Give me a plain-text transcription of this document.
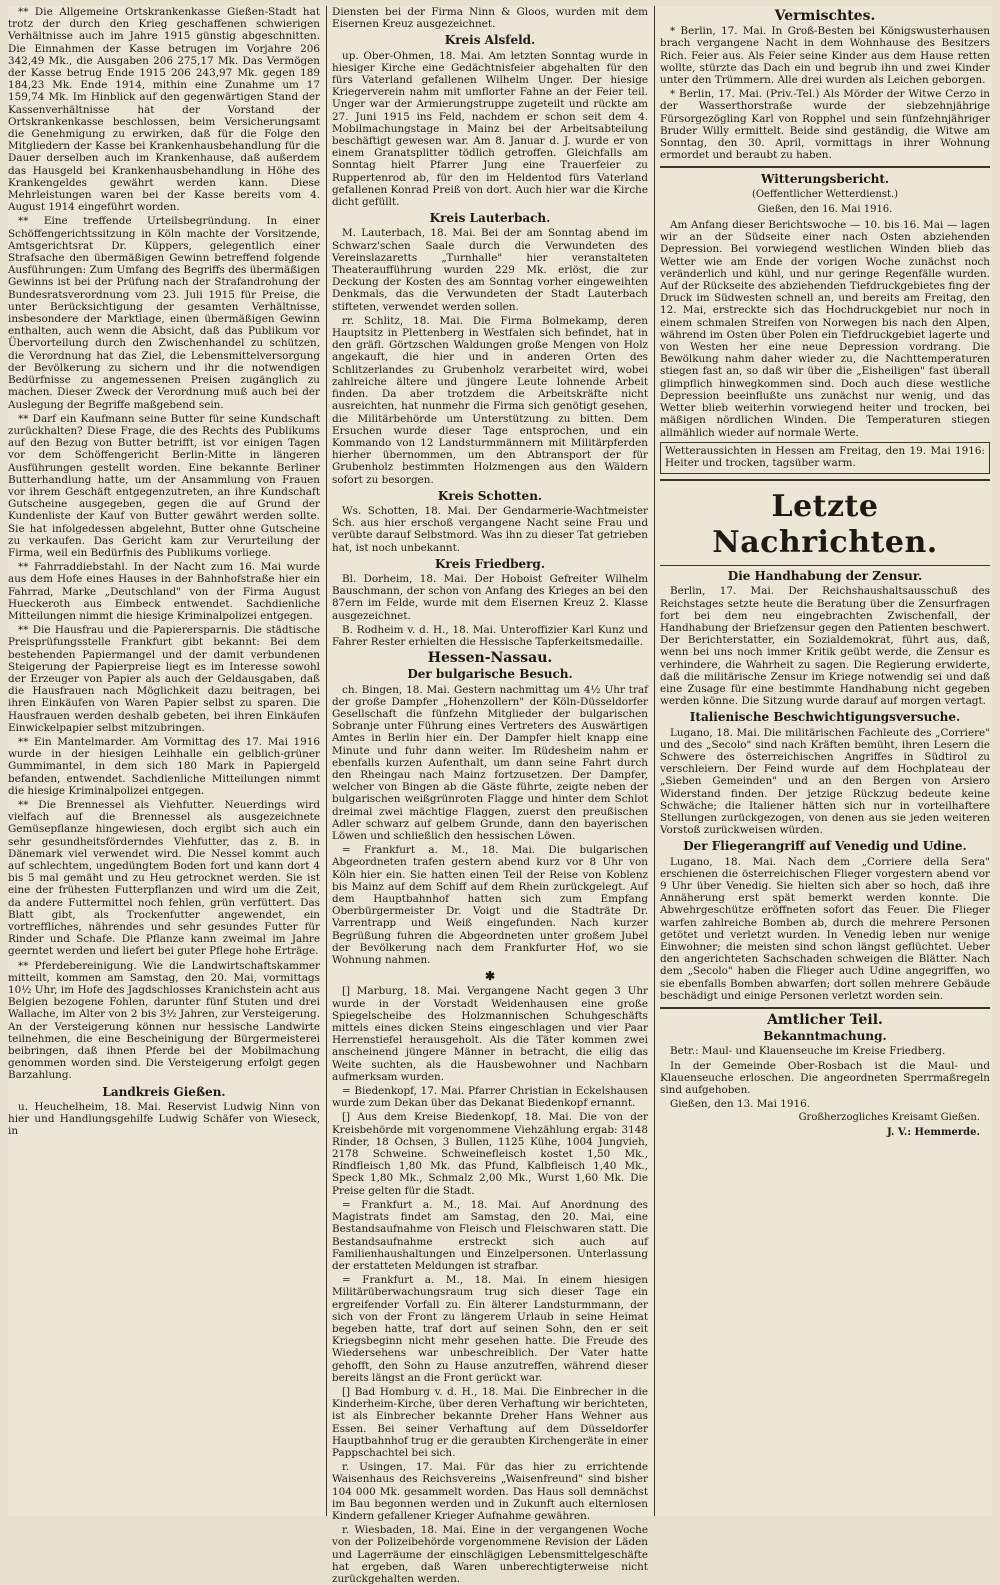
** Die Allgemeine Ortskrankenkasse Gießen-Stadt hat trotz der durch den Krieg geschaffenen schwierigen Verhältnisse auch im Jahre 1915 günstig abgeschnitten. Die Einnahmen der Kasse betrugen im Vorjahre 206 342,49 Mk., die Ausgaben 206 275,17 Mk. Das Vermögen der Kasse betrug Ende 1915 206 243,97 Mk. gegen 189 184,23 Mk. Ende 1914, mithin eine Zunahme um 17 159,74 Mk. Im Hinblick auf den gegenwärtigen Stand der Kassenverhältnisse hat der Vorstand der Ortskrankenkasse beschlossen, beim Versicherungsamt die Genehmigung zu erwirken, daß für die Folge den Mitgliedern der Kasse bei Krankenhausbehandlung für die Dauer derselben auch im Krankenhause, daß außerdem das Hausgeld bei Krankenhausbehandlung in Höhe des Krankengeldes gewährt werden kann. Diese Mehrleistungen waren bei der Kasse bereits vom 4. August 1914 eingeführt worden.

** Eine treffende Urteilsbegründung. In einer Schöffengerichtssitzung in Köln machte der Vorsitzende, Amtsgerichtsrat Dr. Küppers, gelegentlich einer Strafsache den übermäßigen Gewinn betreffend folgende Ausführungen: Zum Umfang des Begriffs des übermäßigen Gewinns ist bei der Prüfung nach der Strafandrohung der Bundesratsverordnung vom 23. Juli 1915 für Preise, die unter Berücksichtigung der gesamten Verhältnisse, insbesondere der Marktlage, einen übermäßigen Gewinn enthalten, auch wenn die Absicht, daß das Publikum vor Übervorteilung durch den Zwischenhandel zu schützen, die Verordnung hat das Ziel, die Lebensmittelversorgung der Bevölkerung zu sichern und ihr die notwendigen Bedürfnisse zu angemessenen Preisen zugänglich zu machen. Dieser Zweck der Verordnung muß auch bei der Auslegung der Begriffe maßgebend sein.

** Darf ein Kaufmann seine Butter für seine Kundschaft zurückhalten? Diese Frage, die des Rechts des Publikums auf den Bezug von Butter betrifft, ist vor einigen Tagen vor dem Schöffengericht Berlin-Mitte in längeren Ausführungen gestellt worden. Eine bekannte Berliner Butterhandlung hatte, um der Ansammlung von Frauen vor ihrem Geschäft entgegenzutreten, an ihre Kundschaft Gutscheine ausgegeben, gegen die auf Grund der Kundenliste der Kauf von Butter gewährt werden sollte. Sie hat infolgedessen abgelehnt, Butter ohne Gutscheine zu verkaufen. Das Gericht kam zur Verurteilung der Firma, weil ein Bedürfnis des Publikums vorliege.

** Fahrraddiebstahl. In der Nacht zum 16. Mai wurde aus dem Hofe eines Hauses in der Bahnhofstraße hier ein Fahrrad, Marke „Deutschland" von der Firma August Hueckeroth aus Eimbeck entwendet. Sachdienliche Mitteilungen nimmt die hiesige Kriminalpolizei entgegen.

** Die Hausfrau und die Papierersparnis. Die städtische Preisprüfungsstelle Frankfurt gibt bekannt: Bei dem bestehenden Papiermangel und der damit verbundenen Steigerung der Papierpreise liegt es im Interesse sowohl der Erzeuger von Papier als auch der Geldausgaben, daß die Hausfrauen nach Möglichkeit dazu beitragen, bei ihren Einkäufen von Waren Papier selbst zu sparen. Die Hausfrauen werden deshalb gebeten, bei ihren Einkäufen Einwickelpapier selbst mitzubringen.

** Ein Mantelmarder. Am Vormittag des 17. Mai 1916 wurde in der hiesigen Leihhalle ein gelblich-grüner Gummimantel, in dem sich 180 Mark in Papiergeld befanden, entwendet. Sachdienliche Mitteilungen nimmt die hiesige Kriminalpolizei entgegen.

** Die Brennessel als Viehfutter. Neuerdings wird vielfach auf die Brennessel als ausgezeichnete Gemüsepflanze hingewiesen, doch ergibt sich auch ein sehr gesundheitsförderndes Viehfutter, das z. B. in Dänemark viel verwendet wird. Die Nessel kommt auch auf schlechtem, ungedüngtem Boden fort und kann dort 4 bis 5 mal gemäht und zu Heu getrocknet werden. Sie ist eine der frühesten Futterpflanzen und wird um die Zeit, da andere Futtermittel noch fehlen, grün verfüttert. Das Blatt gibt, als Trockenfutter angewendet, ein vortreffliches, nährendes und sehr gesundes Futter für Rinder und Schafe. Die Pflanze kann zweimal im Jahre geerntet werden und liefert bei guter Pflege hohe Erträge.

** Pferdebereinigung. Wie die Landwirtschaftskammer mitteilt, kommen am Samstag, den 20. Mai, vormittags 10½ Uhr, im Hofe des Jagdschlosses Kranichstein acht aus Belgien bezogene Fohlen, darunter fünf Stuten und drei Wallache, im Alter von 2 bis 3½ Jahren, zur Versteigerung. An der Versteigerung können nur hessische Landwirte teilnehmen, die eine Bescheinigung der Bürgermeisterei beibringen, daß ihnen Pferde bei der Mobilmachung genommen worden sind. Die Versteigerung erfolgt gegen Barzahlung.

Landkreis Gießen.

u. Heuchelheim, 18. Mai. Reservist Ludwig Ninn von hier und Handlungsgehilfe Ludwig Schäfer von Wieseck, in

Diensten bei der Firma Ninn & Gloos, wurden mit dem Eisernen Kreuz ausgezeichnet.

Kreis Alsfeld.

up. Ober-Ohmen, 18. Mai. Am letzten Sonntag wurde in hiesiger Kirche eine Gedächtnisfeier abgehalten für den fürs Vaterland gefallenen Wilhelm Unger. Der hiesige Kriegerverein nahm mit umflorter Fahne an der Feier teil. Unger war der Armierungstruppe zugeteilt und rückte am 27. Juni 1915 ins Feld, nachdem er schon seit dem 4. Mobilmachungstage in Mainz bei der Arbeitsabteilung beschäftigt gewesen war. Am 8. Januar d. J. wurde er von einem Granatsplitter tödlich getroffen. Gleichfalls am Sonntag hielt Pfarrer Jung eine Trauerfeier zu Ruppertenrod ab, für den im Heldentod fürs Vaterland gefallenen Konrad Preiß von dort. Auch hier war die Kirche dicht gefüllt.

Kreis Lauterbach.

M. Lauterbach, 18. Mai. Bei der am Sonntag abend im Schwarz'schen Saale durch die Verwundeten des Vereinslazaretts „Turnhalle" hier veranstalteten Theateraufführung wurden 229 Mk. erlöst, die zur Deckung der Kosten des am Sonntag vorher eingeweihten Denkmals, das die Verwundeten der Stadt Lauterbach stifteten, verwendet werden sollen.

rr. Schlitz, 18. Mai. Die Firma Bolmekamp, deren Hauptsitz in Plettenberg in Westfalen sich befindet, hat in den gräfl. Görtzschen Waldungen große Mengen von Holz angekauft, die hier und in anderen Orten des Schlitzerlandes zu Grubenholz verarbeitet wird, wobei zahlreiche ältere und jüngere Leute lohnende Arbeit finden. Da aber trotzdem die Arbeitskräfte nicht ausreichten, hat nunmehr die Firma sich genötigt gesehen, die Militärbehörde um Unterstützung zu bitten. Dem Ersuchen wurde dieser Tage entsprochen, und ein Kommando von 12 Landsturmmännern mit Militärpferden hierher übernommen, um den Abtransport der für Grubenholz bestimmten Holzmengen aus den Wäldern sofort zu besorgen.

Kreis Schotten.

Ws. Schotten, 18. Mai. Der Gendarmerie-Wachtmeister Sch. aus hier erschoß vergangene Nacht seine Frau und verübte darauf Selbstmord. Was ihn zu dieser Tat getrieben hat, ist noch unbekannt.

Kreis Friedberg.

Bl. Dorheim, 18. Mai. Der Hoboist Gefreiter Wilhelm Bauschmann, der schon von Anfang des Krieges an bei den 87ern im Felde, wurde mit dem Eisernen Kreuz 2. Klasse ausgezeichnet.

B. Rodheim v. d. H., 18. Mai. Unteroffizier Karl Kunz und Fahrer Rester erhielten die Hessische Tapferkeitsmedaille.

Hessen-Nassau.
Der bulgarische Besuch.

ch. Bingen, 18. Mai. Gestern nachmittag um 4½ Uhr traf der große Dampfer „Hohenzollern" der Köln-Düsseldorfer Gesellschaft die fünfzehn Mitglieder der bulgarischen Sobranje unter Führung eines Vertreters des Auswärtigen Amtes in Berlin hier ein. Der Dampfer hielt knapp eine Minute und fuhr dann weiter. Im Rüdesheim nahm er ebenfalls kurzen Aufenthalt, um dann seine Fahrt durch den Rheingau nach Mainz fortzusetzen. Der Dampfer, welcher von Bingen ab die Gäste führte, zeigte neben der bulgarischen weißgrünroten Flagge und hinter dem Schlot dreimal zwei mächtige Flaggen, zuerst den preußischen Adler schwarz auf gelbem Grunde, dann den bayerischen Löwen und schließlich den hessischen Löwen.

= Frankfurt a. M., 18. Mai. Die bulgarischen Abgeordneten trafen gestern abend kurz vor 8 Uhr von Köln hier ein. Sie hatten einen Teil der Reise von Koblenz bis Mainz auf dem Schiff auf dem Rhein zurückgelegt. Auf dem Hauptbahnhof hatten sich zum Empfang Oberbürgermeister Dr. Voigt und die Stadträte Dr. Varrentrapp und Weiß eingefunden. Nach kurzer Begrüßung fuhren die Abgeordneten unter großem Jubel der Bevölkerung nach dem Frankfurter Hof, wo sie Wohnung nahmen.

✱

[] Marburg, 18. Mai. Vergangene Nacht gegen 3 Uhr wurde in der Vorstadt Weidenhausen eine große Spiegelscheibe des Holzmannischen Schuhgeschäfts mittels eines dicken Steins eingeschlagen und vier Paar Herrenstiefel herausgeholt. Als die Täter kommen zwei anscheinend jüngere Männer in betracht, die eilig das Weite suchten, als die Hausbewohner und Nachbarn aufmerksam wurden.

= Biedenkopf, 17. Mai. Pfarrer Christian in Eckelshausen wurde zum Dekan über das Dekanat Biedenkopf ernannt.

[] Aus dem Kreise Biedenkopf, 18. Mai. Die von der Kreisbehörde mit vorgenommene Viehzählung ergab: 3148 Rinder, 18 Ochsen, 3 Bullen, 1125 Kühe, 1004 Jungvieh, 2178 Schweine. Schweinefleisch kostet 1,50 Mk., Rindfleisch 1,80 Mk. das Pfund, Kalbfleisch 1,40 Mk., Speck 1,80 Mk., Schmalz 2,00 Mk., Wurst 1,60 Mk. Die Preise gelten für die Stadt.

= Frankfurt a. M., 18. Mai. Auf Anordnung des Magistrats findet am Samstag, den 20. Mai, eine Bestandsaufnahme von Fleisch und Fleischwaren statt. Die Bestandsaufnahme erstreckt sich auch auf Familienhaushaltungen und Einzelpersonen. Unterlassung der erstatteten Meldungen ist strafbar.

= Frankfurt a. M., 18. Mai. In einem hiesigen Militärüberwachungsraum trug sich dieser Tage ein ergreifender Vorfall zu. Ein älterer Landsturmmann, der sich von der Front zu längerem Urlaub in seine Heimat begeben hatte, traf dort auf seinen Sohn, den er seit Kriegsbeginn nicht mehr gesehen hatte. Die Freude des Wiedersehens war unbeschreiblich. Der Vater hatte gehofft, den Sohn zu Hause anzutreffen, während dieser bereits längst an die Front gerückt war.

[] Bad Homburg v. d. H., 18. Mai. Die Einbrecher in die Kinderheim-Kirche, über deren Verhaftung wir berichteten, ist als Einbrecher bekannte Dreher Hans Wehner aus Essen. Bei seiner Verhaftung auf dem Düsseldorfer Hauptbahnhof trug er die geraubten Kirchengeräte in einer Pappschachtel bei sich.

r. Usingen, 17. Mai. Für das hier zu errichtende Waisenhaus des Reichsvereins „Waisenfreund" sind bisher 104 000 Mk. gesammelt worden. Das Haus soll demnächst im Bau begonnen werden und in Zukunft auch elternlosen Kindern gefallener Krieger Aufnahme gewähren.

r. Wiesbaden, 18. Mai. Eine in der vergangenen Woche von der Polizeibehörde vorgenommene Revision der Läden und Lagerräume der einschlägigen Lebensmittelgeschäfte hat ergeben, daß Waren unberechtigterweise nicht zurückgehalten werden.

Vermischtes.

* Berlin, 17. Mai. In Groß-Besten bei Königswusterhausen brach vergangene Nacht in dem Wohnhause des Besitzers Rich. Feier aus. Als Feier seine Kinder aus dem Hause retten wollte, stürzte das Dach ein und begrub ihn und zwei Kinder unter den Trümmern. Alle drei wurden als Leichen geborgen.

* Berlin, 17. Mai. (Priv.-Tel.) Als Mörder der Witwe Cerzo in der Wasserthorstraße wurde der siebzehnjährige Fürsorgezögling Karl von Ropphel und sein fünfzehnjähriger Bruder Willy ermittelt. Beide sind geständig, die Witwe am Sonntag, den 30. April, vormittags in ihrer Wohnung ermordet und beraubt zu haben.

Witterungsbericht.
(Oeffentlicher Wetterdienst.)
Gießen, den 16. Mai 1916.

Am Anfang dieser Berichtswoche — 10. bis 16. Mai — lagen wir an der Südseite einer nach Osten abziehenden Depression. Bei vorwiegend westlichen Winden blieb das Wetter wie am Ende der vorigen Woche zunächst noch veränderlich und kühl, und nur geringe Regenfälle wurden. Auf der Rückseite des abziehenden Tiefdruckgebietes fing der Druck im Südwesten schnell an, und bereits am Freitag, den 12. Mai, erstreckte sich das Hochdruckgebiet nur noch in einem schmalen Streifen von Norwegen bis nach den Alpen, während im Osten über Polen ein Tiefdruckgebiet lagerte und von Westen her eine neue Depression vordrang. Die Bewölkung nahm daher wieder zu, die Nachttemperaturen stiegen fast an, so daß wir über die „Eisheiligen" fast überall glimpflich hinwegkommen sind. Doch auch diese westliche Depression beeinflußte uns zunächst nur wenig, und das Wetter blieb weiterhin vorwiegend heiter und trocken, bei mäßigen nördlichen Winden. Die Temperaturen stiegen allmählich wieder auf normale Werte.

Wetteraussichten in Hessen am Freitag, den 19. Mai 1916: Heiter und trocken, tagsüber warm.

Letzte Nachrichten.
Die Handhabung der Zensur.

Berlin, 17. Mai. Der Reichshaushaltsausschuß des Reichstages setzte heute die Beratung über die Zensurfragen fort bei dem neu eingebrachten Zwischenfall, der Handhabung der Briefzensur gegen den Patienten beschwert. Der Berichterstatter, ein Sozialdemokrat, führt aus, daß, wenn bei uns noch immer Kritik geübt werde, die Zensur es verhindere, die Wahrheit zu sagen. Die Regierung erwiderte, daß die militärische Zensur im Kriege notwendig sei und daß eine Zusage für eine bestimmte Handhabung nicht gegeben werden könne. Die Sitzung wurde darauf auf morgen vertagt.

Italienische Beschwichtigungsversuche.

Lugano, 18. Mai. Die militärischen Fachleute des „Corriere" und des „Secolo" sind nach Kräften bemüht, ihren Lesern die Schwere des österreichischen Angriffes in Südtirol zu verschleiern. Der Feind wurde auf dem Hochplateau der „Sieben Gemeinden" und an den Bergen von Arsiero Widerstand finden. Der jetzige Rückzug bedeute keine Schwäche; die Italiener hätten sich nur in vorteilhaftere Stellungen zurückgezogen, von denen aus sie jeden weiteren Vorstoß zurückweisen würden.

Der Fliegerangriff auf Venedig und Udine.

Lugano, 18. Mai. Nach dem „Corriere della Sera" erschienen die österreichischen Flieger vorgestern abend vor 9 Uhr über Venedig. Sie hielten sich aber so hoch, daß ihre Annäherung erst spät bemerkt werden konnte. Die Abwehrgeschütze eröffneten sofort das Feuer. Die Flieger warfen zahlreiche Bomben ab, durch die mehrere Personen getötet und verletzt wurden. In Venedig leben nur wenige Einwohner; die meisten sind schon längst geflüchtet. Ueber den angerichteten Sachschaden schweigen die Blätter. Nach dem „Secolo" haben die Flieger auch Udine angegriffen, wo sie ebenfalls Bomben abwarfen; dort sollen mehrere Gebäude beschädigt und einige Personen verletzt worden sein.

Amtlicher Teil.
Bekanntmachung.

Betr.: Maul- und Klauenseuche im Kreise Friedberg.

In der Gemeinde Ober-Rosbach ist die Maul- und Klauenseuche erloschen. Die angeordneten Sperrmaßregeln sind aufgehoben.

Gießen, den 13. Mai 1916.

Großherzogliches Kreisamt Gießen.
J. V.: Hemmerde.
